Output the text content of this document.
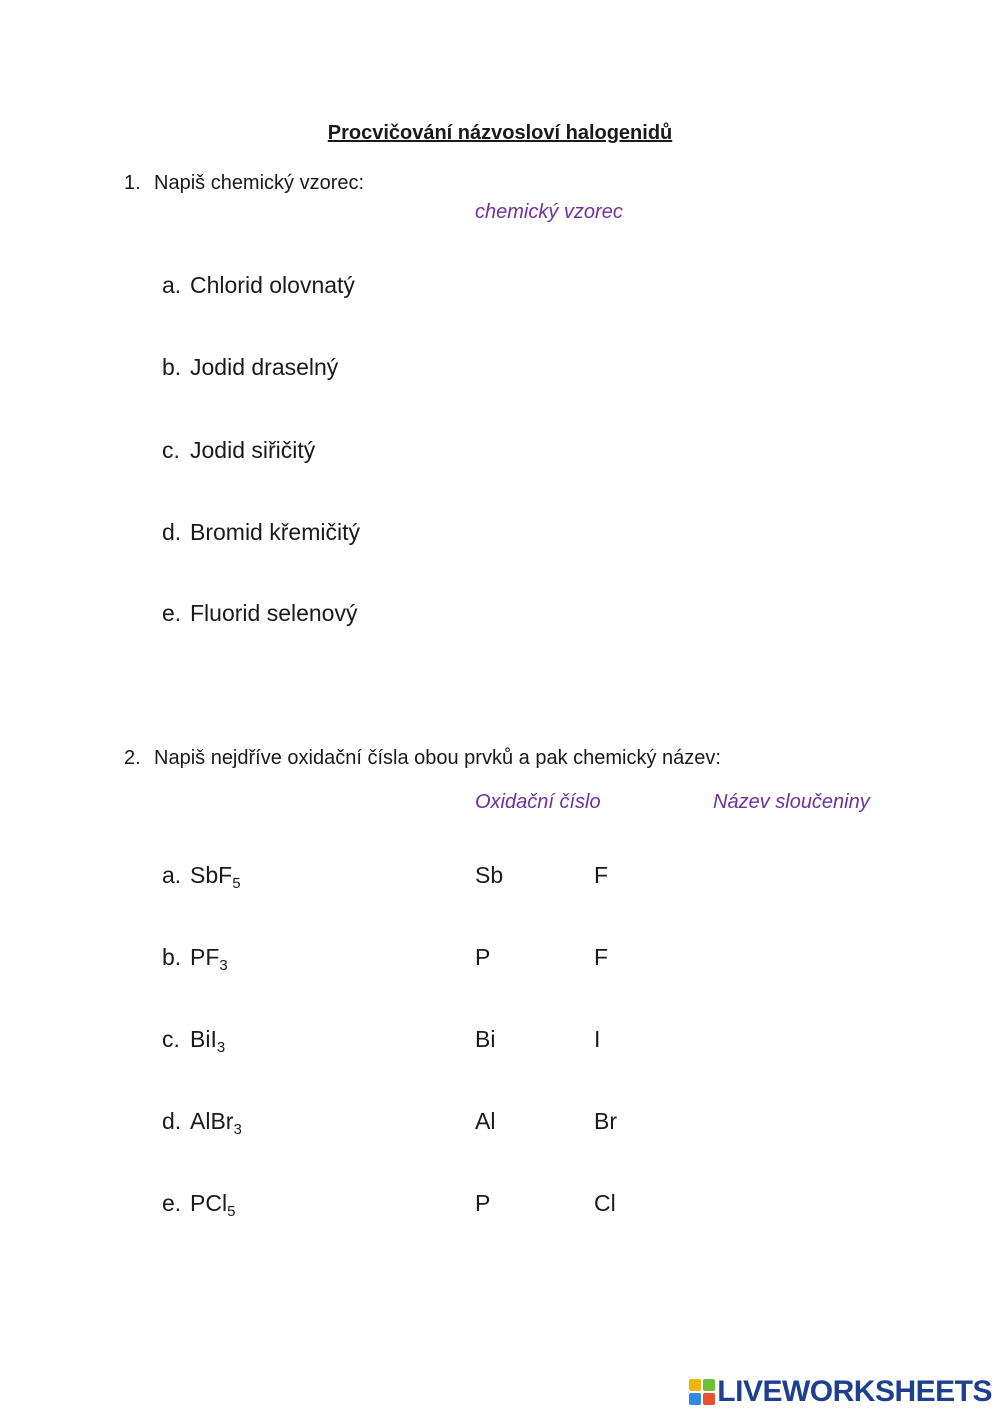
Procvičování názvosloví halogenidů
1. Napiš chemický vzorec:
chemický vzorec
a. Chlorid olovnatý
b. Jodid draselný
c. Jodid siřičitý
d. Bromid křemičitý
e. Fluorid selenový
2. Napiš nejdříve oxidační čísla obou prvků a pak chemický název:
Oxidační číslo	Název sloučeniny
a. SbF$_5$	Sb	F
b. $PF_3$	P	F
c. BiI$_3$	Bi	I
d. AlBr$_3$	Al	Br
e. PCl$_5$	P	Cl
LIVEWORKSHEETS
